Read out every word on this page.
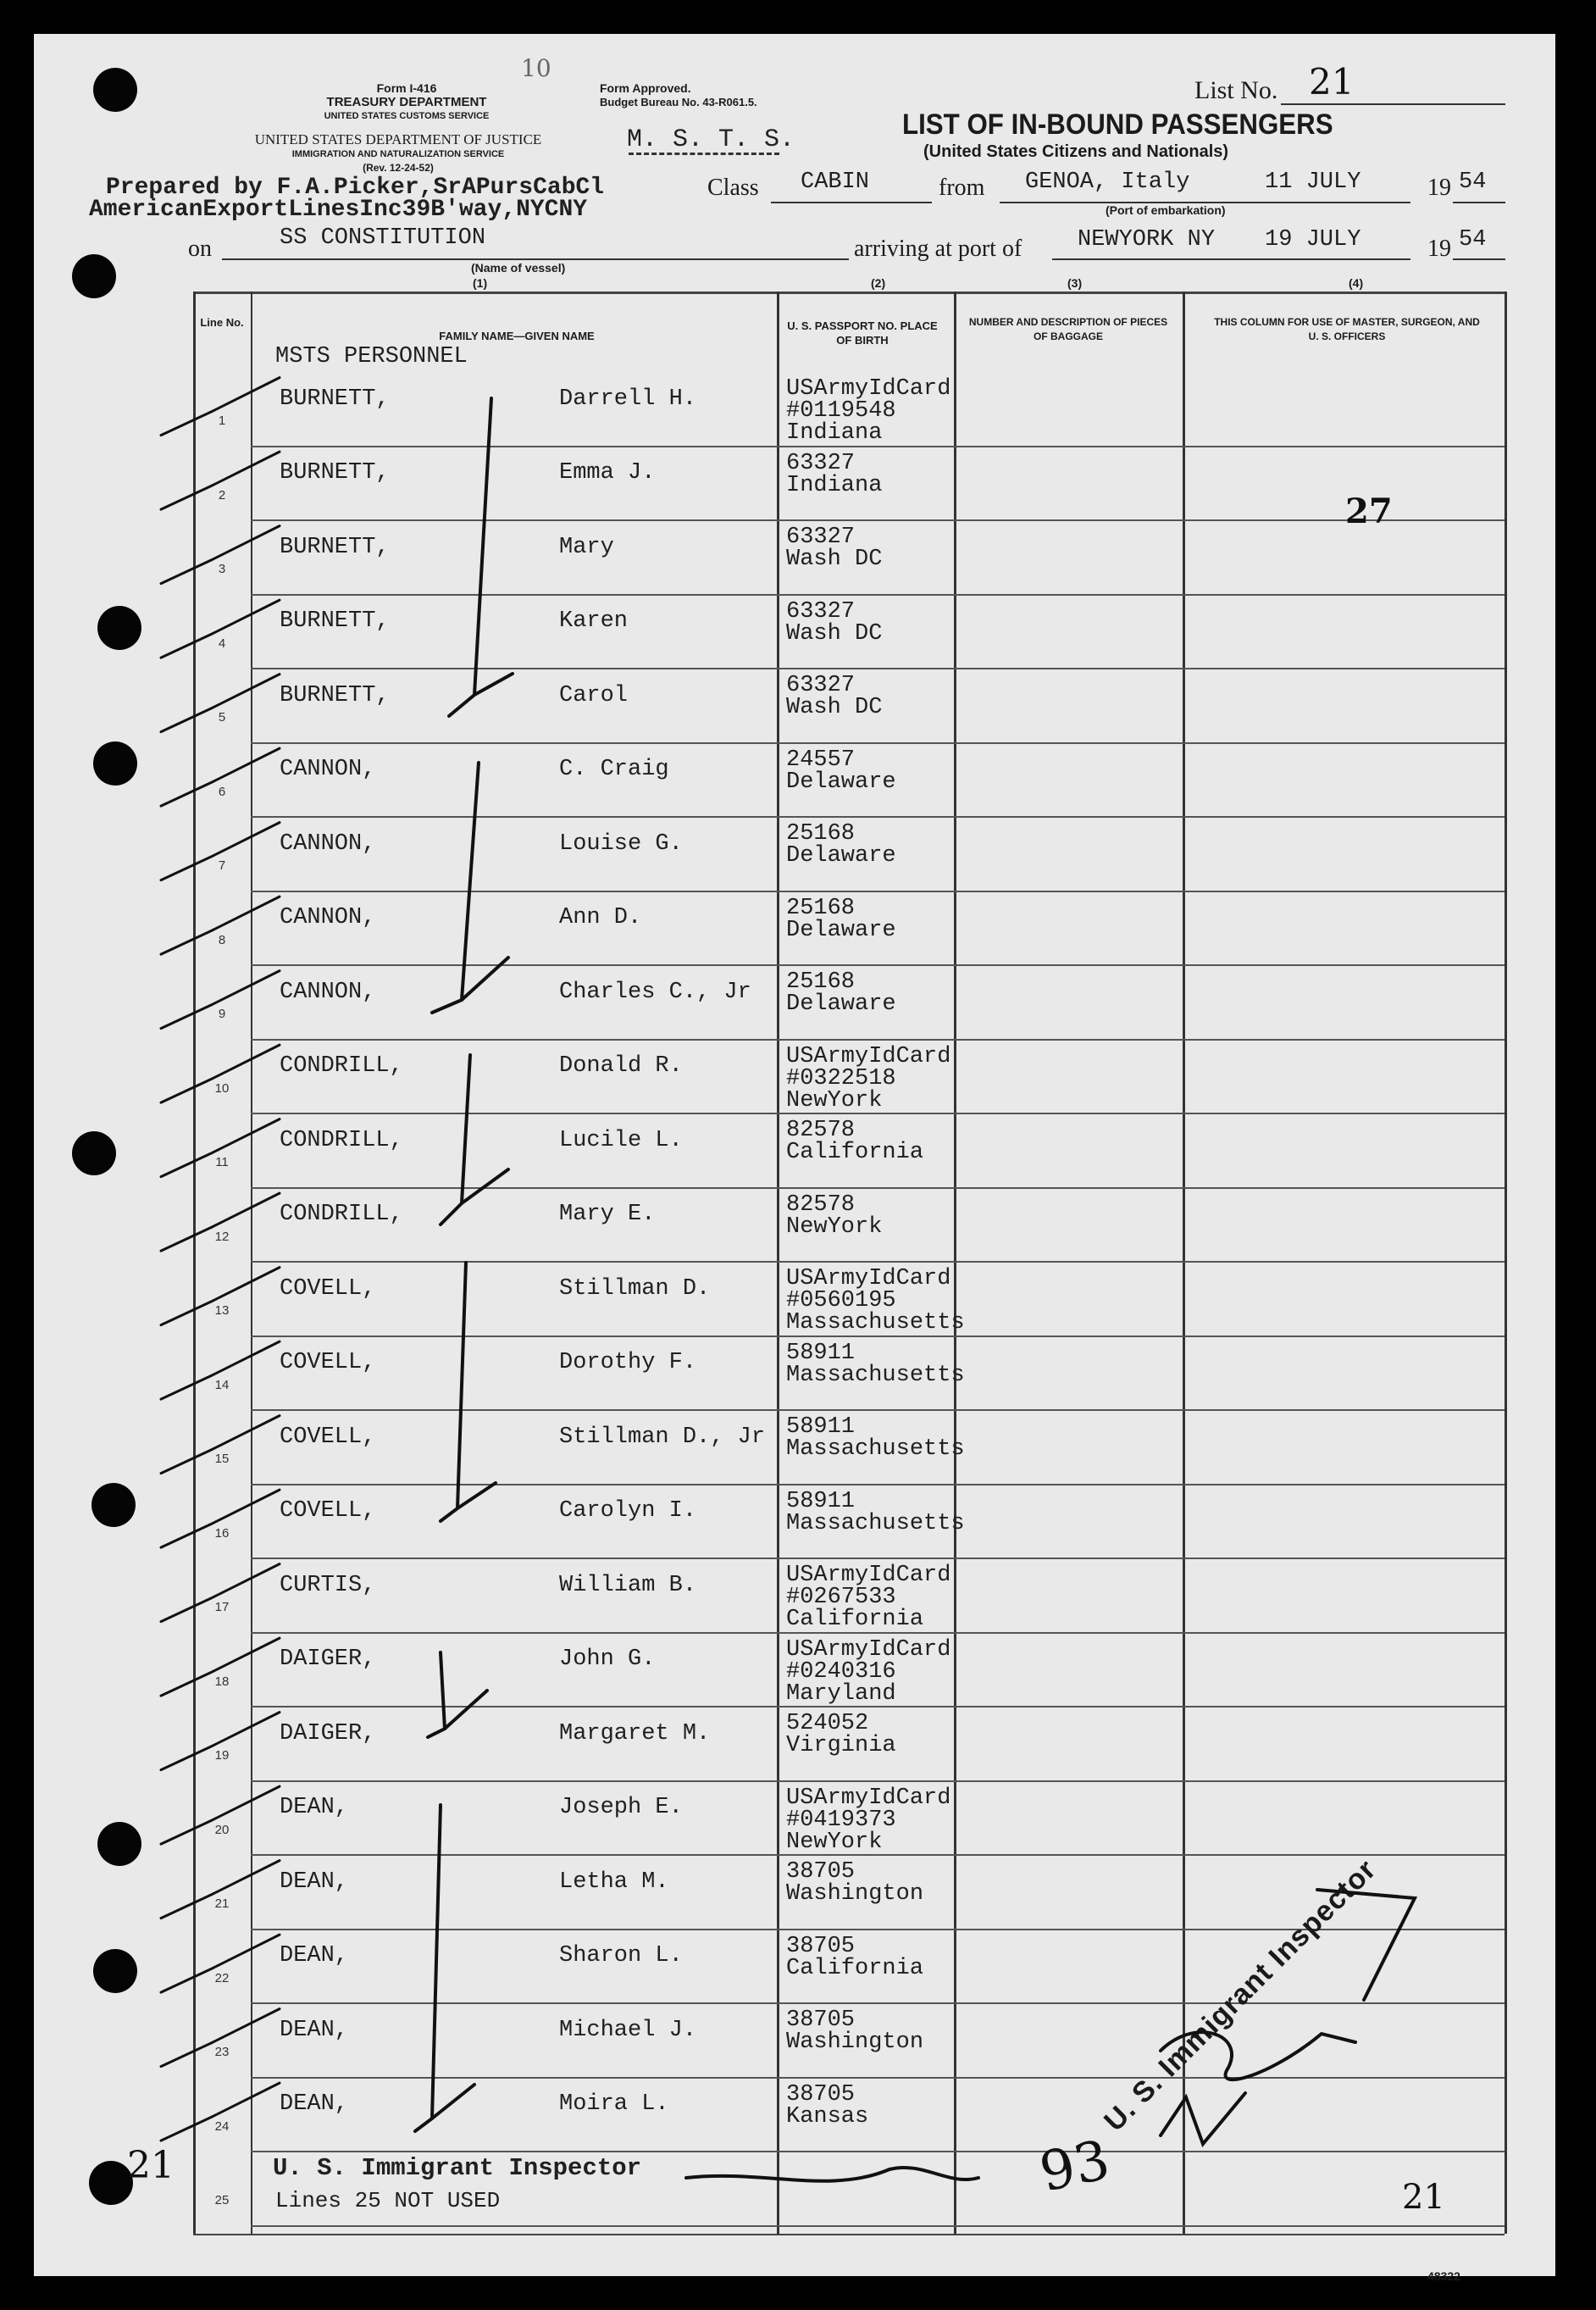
Form I-416
TREASURY DEPARTMENT
UNITED STATES CUSTOMS SERVICE
UNITED STATES DEPARTMENT OF JUSTICE
IMMIGRATION AND NATURALIZATION SERVICE
(Rev. 12-24-52)
10
Form Approved.
Budget Bureau No. 43-R061.5.
M. S. T. S.
List No. 21
LIST OF IN-BOUND PASSENGERS
(United States Citizens and Nationals)
Prepared by F.A.Picker,SrAPursCabCl
AmericanExportLinesInc39B'way,NYCNY
Class CABIN	from GENOA, Italy	11 JULY	19 54
(Port of embarkation)
on	SS CONSTITUTION
(Name of vessel)
arriving at port of NEWYORK NY 19 JULY	19 54
(1)	(2)	(3)	(4)
Line No.
FAMILY NAME—GIVEN NAME
U. S. PASSPORT NO. PLACE OF BIRTH
NUMBER AND DESCRIPTION OF PIECES OF BAGGAGE
THIS COLUMN FOR USE OF MASTER, SURGEON, AND U. S. OFFICERS
MSTS PERSONNEL
1
BURNETT,	Darrell H.	USArmyIdCard
#0119548
Indiana
2
BURNETT,	Emma J.	63327
Indiana
3
BURNETT,	Mary	63327
Wash DC
4
BURNETT,	Karen	63327
Wash DC
5
BURNETT,	Carol	63327
Wash DC
6
CANNON,	C. Craig	24557
Delaware
7
CANNON,	Louise G.	25168
Delaware
8
CANNON,	Ann D.	25168
Delaware
9
CANNON,	Charles C., Jr 25168
Delaware
10
CONDRILL,	Donald R.	USArmyIdCard
#0322518
NewYork
11
CONDRILL,	Lucile L.	82578
California
12
CONDRILL,	Mary E.	82578
NewYork
13
COVELL,	Stillman D.	USArmyIdCard
#0560195
Massachusetts
14
COVELL,	Dorothy F.	58911
Massachusetts
15
COVELL,	Stillman D., Jr 58911
Massachusetts
16
COVELL,	Carolyn I.	58911
Massachusetts
17
CURTIS,	William B.	USArmyIdCard
#0267533
California
18
DAIGER,	John G.	USArmyIdCard
#0240316
Maryland
19
DAIGER,	Margaret M.	524052
Virginia
20
DEAN,	Joseph E.	USArmyIdCard
#0419373
NewYork
21
DEAN,	Letha M.	38705
Washington
22
DEAN,	Sharon L.	38705
California
23
DEAN,	Michael J.	38705
Washington
24
DEAN,	Moira L.	38705
Kansas
25
27
U. S. Immigrant Inspector
Lines 25 NOT USED
21
U. S. Immigrant Inspector
21
93
48322
